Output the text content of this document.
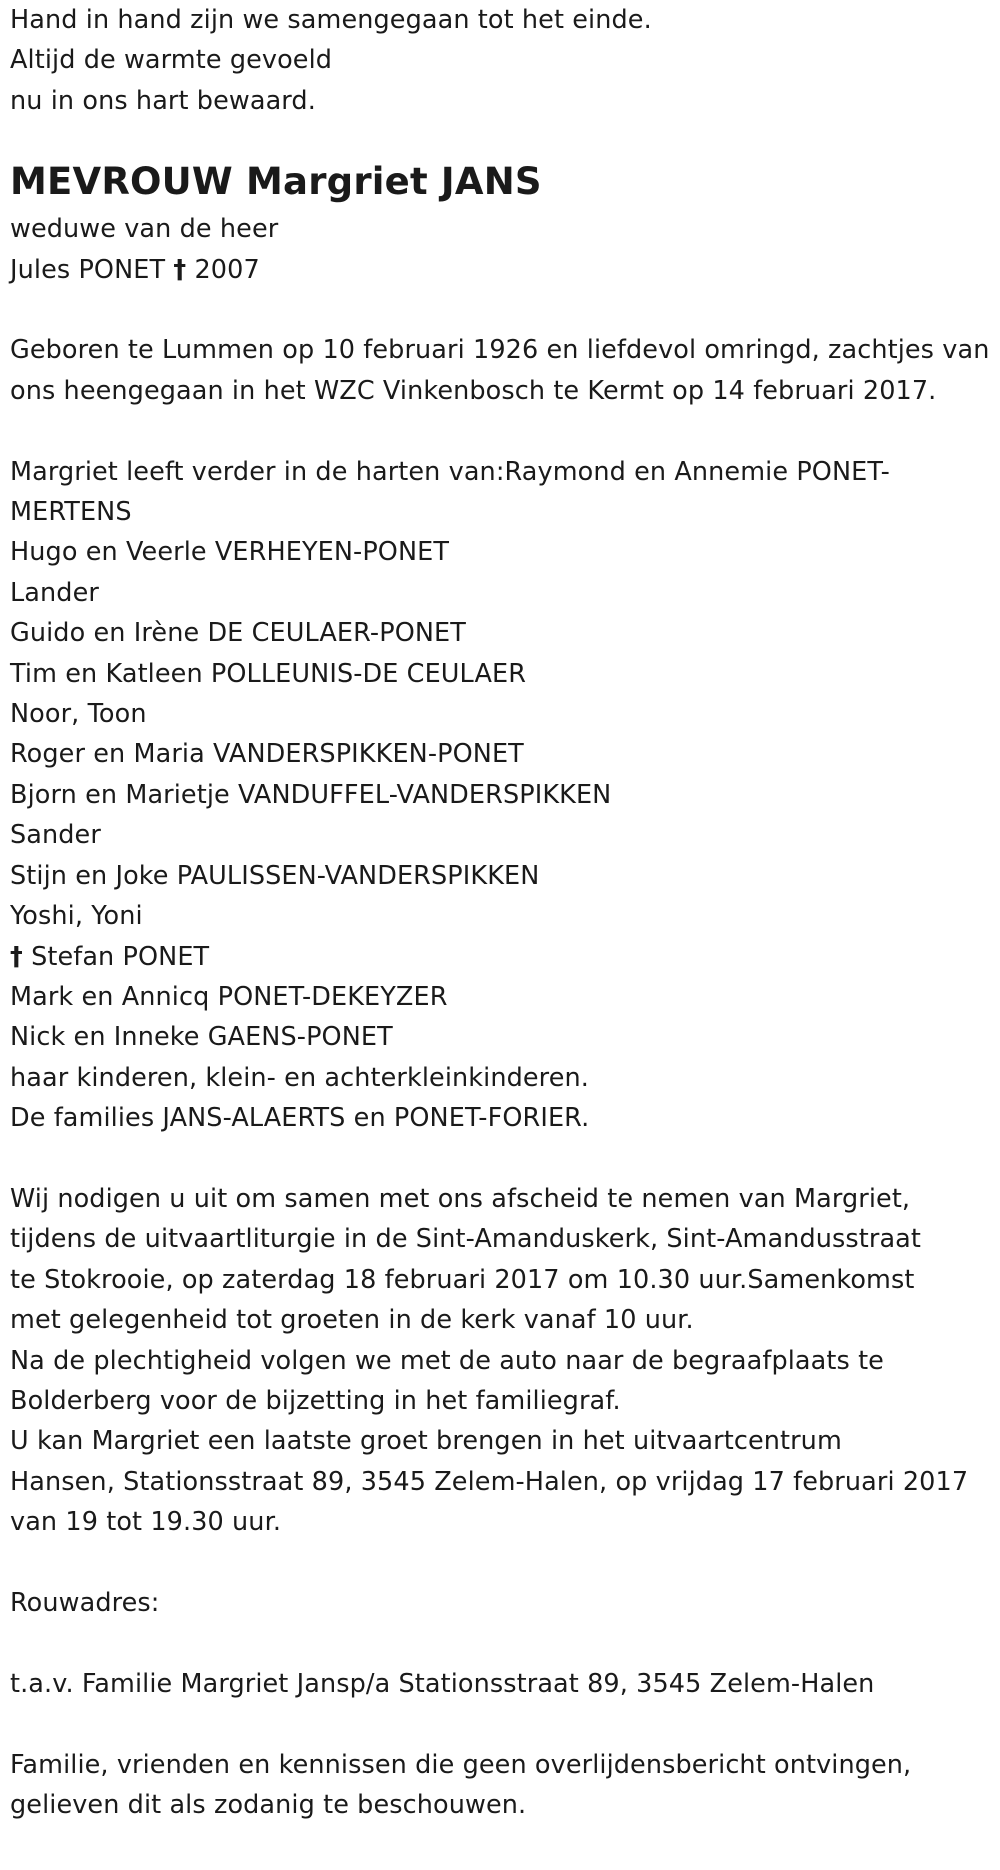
Hand in hand zijn we samengegaan tot het einde.
Altijd de warmte gevoeld
nu in ons hart bewaard.
MEVROUW Margriet JANS
weduwe van de heer
Jules PONET † 2007
Geboren te Lummen op 10 februari 1926 en liefdevol omringd, zachtjes van ons heengegaan in het WZC Vinkenbosch te Kermt op 14 februari 2017.
Margriet leeft verder in de harten van:Raymond en Annemie PONET-MERTENS
Hugo en Veerle VERHEYEN-PONET
Lander
Guido en Irène DE CEULAER-PONET
Tim en Katleen POLLEUNIS-DE CEULAER
Noor, Toon
Roger en Maria VANDERSPIKKEN-PONET
Bjorn en Marietje VANDUFFEL-VANDERSPIKKEN
Sander
Stijn en Joke PAULISSEN-VANDERSPIKKEN
Yoshi, Yoni
† Stefan PONET
Mark en Annicq PONET-DEKEYZER
Nick en Inneke GAENS-PONET
haar kinderen, klein- en achterkleinkinderen.
De families JANS-ALAERTS en PONET-FORIER.
Wij nodigen u uit om samen met ons afscheid te nemen van Margriet,
tijdens de uitvaartliturgie in de Sint-Amanduskerk, Sint-Amandusstraat
te Stokrooie, op zaterdag 18 februari 2017 om 10.30 uur.Samenkomst
met gelegenheid tot groeten in de kerk vanaf 10 uur.
Na de plechtigheid volgen we met de auto naar de begraafplaats te
Bolderberg voor de bijzetting in het familiegraf.
U kan Margriet een laatste groet brengen in het uitvaartcentrum
Hansen, Stationsstraat 89, 3545 Zelem-Halen, op vrijdag 17 februari 2017
van 19 tot 19.30 uur.
Rouwadres:
t.a.v. Familie Margriet Jansp/a Stationsstraat 89, 3545 Zelem-Halen
Familie, vrienden en kennissen die geen overlijdensbericht ontvingen,
gelieven dit als zodanig te beschouwen.
